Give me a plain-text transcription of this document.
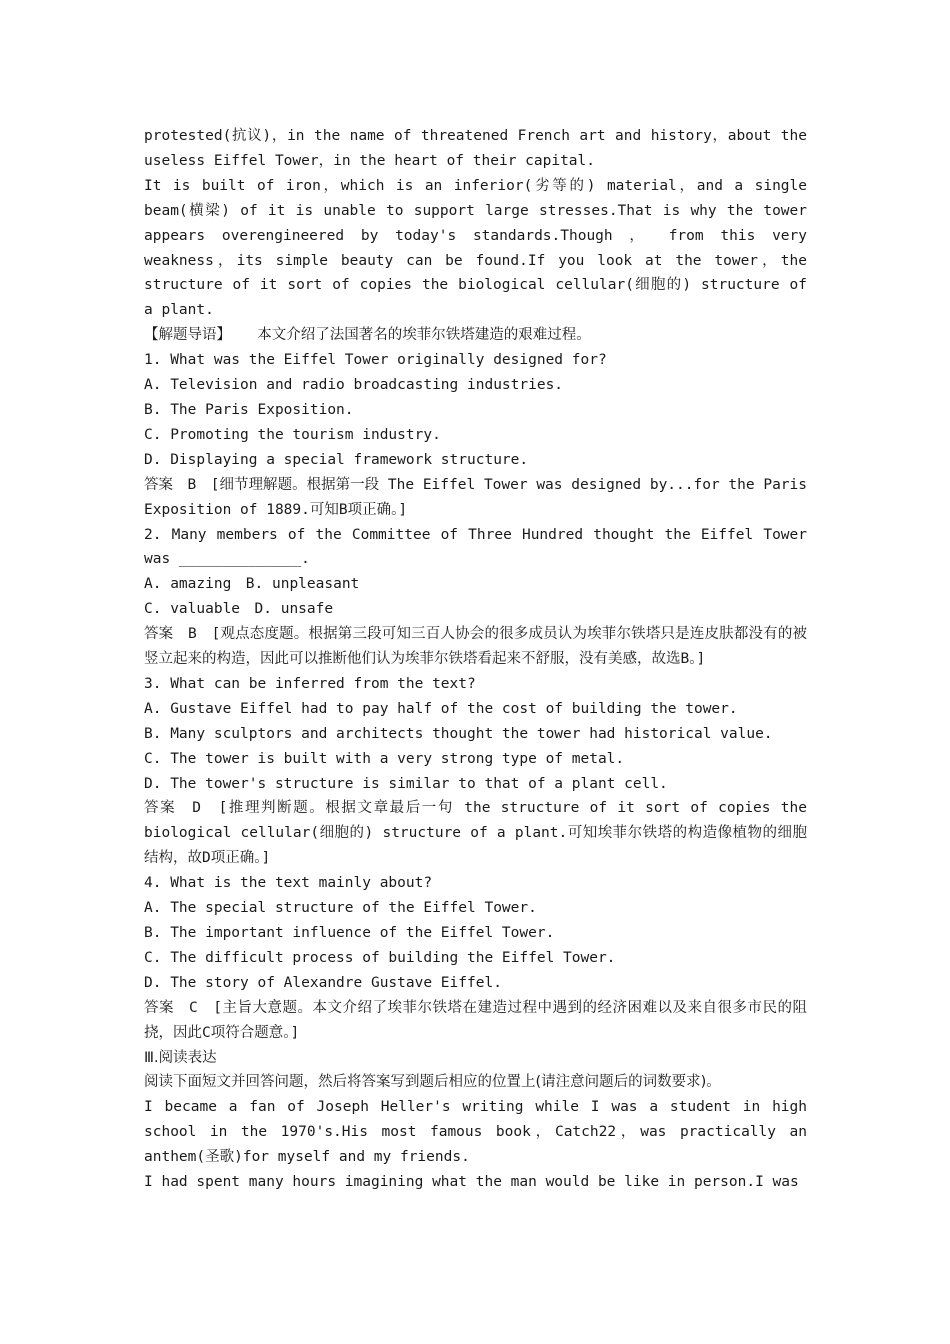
protested(抗议)，in the name of threatened French art and history，about the useless Eiffel Tower，in the heart of their capital.

It is built of iron，which is an inferior(劣等的) material，and a single beam(横梁) of it is unable to support large stresses.That is why the tower appears overengineered by today's standards.Though ， from this very weakness，its simple beauty can be found.If you look at the tower，the structure of it sort of copies the biological cellular(细胞的) structure of a plant.

【解题导语】 本文介绍了法国著名的埃菲尔铁塔建造的艰难过程。

1. What was the Eiffel Tower originally designed for?

A. Television and radio broadcasting industries.

B. The Paris Exposition.

C. Promoting the tourism industry.

D. Displaying a special framework structure.

答案　B　[细节理解题。根据第一段 The Eiffel Tower was designed by...for the Paris Exposition of 1889.可知B项正确。]

2. Many members of the Committee of Three Hundred thought the Eiffel Tower was ______________.

A. amazing　B. unpleasant

C. valuable　D. unsafe

答案　B　[观点态度题。根据第三段可知三百人协会的很多成员认为埃菲尔铁塔只是连皮肤都没有的被竖立起来的构造，因此可以推断他们认为埃菲尔铁塔看起来不舒服，没有美感，故选B。]

3. What can be inferred from the text?

A. Gustave Eiffel had to pay half of the cost of building the tower.

B. Many sculptors and architects thought the tower had historical value.

C. The tower is built with a very strong type of metal.

D. The tower's structure is similar to that of a plant cell.

答案　D　[推理判断题。根据文章最后一句 the structure of it sort of copies the biological cellular(细胞的) structure of a plant.可知埃菲尔铁塔的构造像植物的细胞结构，故D项正确。]

4. What is the text mainly about?

A. The special structure of the Eiffel Tower.

B. The important influence of the Eiffel Tower.

C. The difficult process of building the Eiffel Tower.

D. The story of Alexandre Gustave Eiffel.

答案　C　[主旨大意题。本文介绍了埃菲尔铁塔在建造过程中遇到的经济困难以及来自很多市民的阻挠，因此C项符合题意。]

Ⅲ.阅读表达

阅读下面短文并回答问题，然后将答案写到题后相应的位置上(请注意问题后的词数要求)。

I became a fan of Joseph Heller's writing while I was a student in high school in the 1970's.His most famous book，Catch22，was practically an anthem(圣歌)for myself and my friends.

I had spent many hours imagining what the man would be like in person.I was
